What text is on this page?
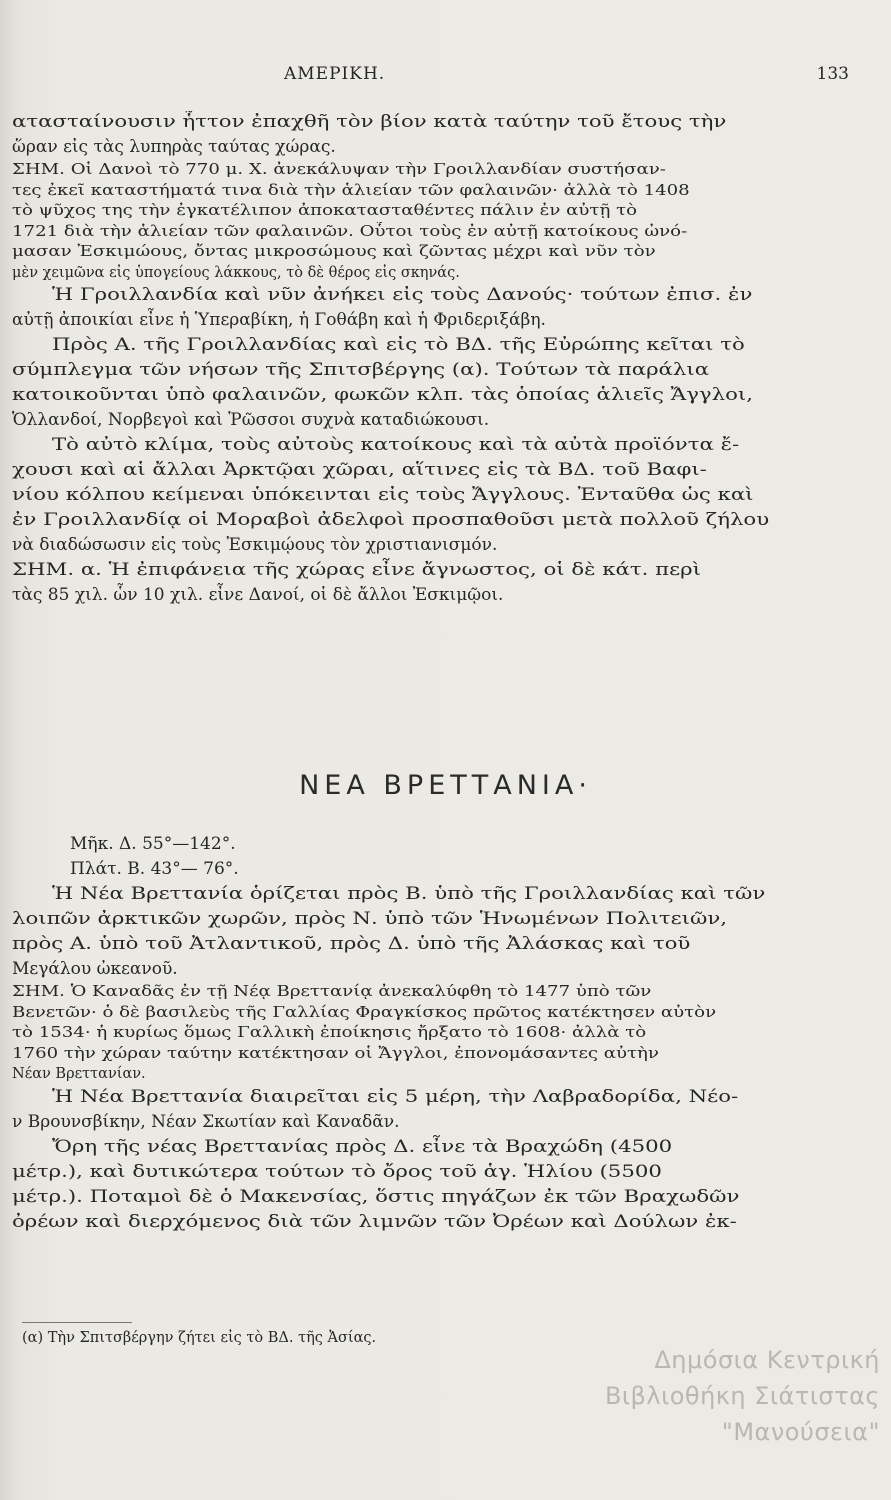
ΑΜΕΡΙΚΗ.	133
ατασταίνουσιν ἧττον ἐπαχθῆ τὸν βίον κατὰ ταύτην τοῦ ἔτους τὴν
ὥραν εἰς τὰς λυπηρὰς ταύτας χώρας.
ΣΗΜ. Οἱ Δανοὶ τὸ 770 μ. Χ. ἀνεκάλυψαν τὴν Γροιλλανδίαν συστήσαν-
τες ἐκεῖ καταστήματά τινα διὰ τὴν ἁλιείαν τῶν φαλαινῶν· ἀλλὰ τὸ 1408
τὸ ψῦχος της τὴν ἐγκατέλιπον ἀποκατασταθέντες πάλιν ἐν αὐτῇ τὸ
1721 διὰ τὴν ἁλιείαν τῶν φαλαινῶν. Οὗτοι τοὺς ἐν αὐτῇ κατοίκους ὠνό-
μασαν Ἐσκιμώους, ὄντας μικροσώμους καὶ ζῶντας μέχρι καὶ νῦν τὸν
μὲν χειμῶνα εἰς ὑπογείους λάκκους, τὸ δὲ θέρος εἰς σκηνάς.
Ἡ Γροιλλανδία καὶ νῦν ἀνήκει εἰς τοὺς Δανούς· τούτων ἐπισ. ἐν
αὐτῇ ἀποικίαι εἶνε ἡ Ὑπεραβίκη, ἡ Γοθάβη καὶ ἡ Φριδεριξάβη.
Πρὸς Α. τῆς Γροιλλανδίας καὶ εἰς τὸ ΒΔ. τῆς Εὐρώπης κεῖται τὸ
σύμπλεγμα τῶν νήσων τῆς Σπιτσβέργης (α). Τούτων τὰ παράλια
κατοικοῦνται ὑπὸ φαλαινῶν, φωκῶν κλπ. τὰς ὁποίας ἁλιεῖς Ἄγγλοι,
Ὁλλανδοί, Νορβεγοὶ καὶ Ῥῶσσοι συχνὰ καταδιώκουσι.
Τὸ αὐτὸ κλίμα, τοὺς αὐτοὺς κατοίκους καὶ τὰ αὐτὰ προϊόντα ἔ-
χουσι καὶ αἱ ἄλλαι Ἀρκτῷαι χῶραι, αἵτινες εἰς τὰ ΒΔ. τοῦ Βαφι-
νίου κόλπου κείμεναι ὑπόκεινται εἰς τοὺς Ἄγγλους. Ἐνταῦθα ὡς καὶ
ἐν Γροιλλανδίᾳ οἱ Μοραβοὶ ἀδελφοὶ προσπαθοῦσι μετὰ πολλοῦ ζήλου
νὰ διαδώσωσιν εἰς τοὺς Ἐσκιμῴους τὸν χριστιανισμόν.
ΣΗΜ. α. Ἡ ἐπιφάνεια τῆς χώρας εἶνε ἄγνωστος, οἱ δὲ κάτ. περὶ
τὰς 85 χιλ. ὧν 10 χιλ. εἶνε Δανοί, οἱ δὲ ἄλλοι Ἐσκιμῷοι.
ΝΕΑ ΒΡΕΤΤΑΝΙΑ·
Μῆκ. Δ. 55°—142°.
Πλάτ. Β. 43°— 76°.
Ἡ Νέα Βρεττανία ὁρίζεται πρὸς Β. ὑπὸ τῆς Γροιλλανδίας καὶ τῶν
λοιπῶν ἀρκτικῶν χωρῶν, πρὸς Ν. ὑπὸ τῶν Ἡνωμένων Πολιτειῶν,
πρὸς Α. ὑπὸ τοῦ Ἀτλαντικοῦ, πρὸς Δ. ὑπὸ τῆς Ἀλάσκας καὶ τοῦ
Μεγάλου ὠκεανοῦ.
ΣΗΜ. Ὁ Καναδᾶς ἐν τῇ Νέᾳ Βρεττανίᾳ ἀνεκαλύφθη τὸ 1477 ὑπὸ τῶν
Βενετῶν· ὁ δὲ βασιλεὺς τῆς Γαλλίας Φραγκίσκος πρῶτος κατέκτησεν αὐτὸν
τὸ 1534· ἡ κυρίως ὅμως Γαλλικὴ ἐποίκησις ἤρξατο τὸ 1608· ἀλλὰ τὸ
1760 τὴν χώραν ταύτην κατέκτησαν οἱ Ἄγγλοι, ἐπονομάσαντες αὐτὴν
Νέαν Βρεττανίαν.
Ἡ Νέα Βρεττανία διαιρεῖται εἰς 5 μέρη, τὴν Λαβραδορίδα, Νέο-
ν Βρουνσβίκην, Νέαν Σκωτίαν καὶ Καναδᾶν.
Ὄρη τῆς νέας Βρεττανίας πρὸς Δ. εἶνε τὰ Βραχώδη (4500
μέτρ.), καὶ δυτικώτερα τούτων τὸ ὄρος τοῦ ἁγ. Ἡλίου (5500
μέτρ.). Ποταμοὶ δὲ ὁ Μακενσίας, ὅστις πηγάζων ἐκ τῶν Βραχωδῶν
ὀρέων καὶ διερχόμενος διὰ τῶν λιμνῶν τῶν Ὀρέων καὶ Δούλων ἐκ-
(α) Τὴν Σπιτσβέργην ζήτει εἰς τὸ ΒΔ. τῆς Ἀσίας.
Δημόσια Κεντρική
Βιβλιοθήκη Σιάτιστας "Μανούσεια"
